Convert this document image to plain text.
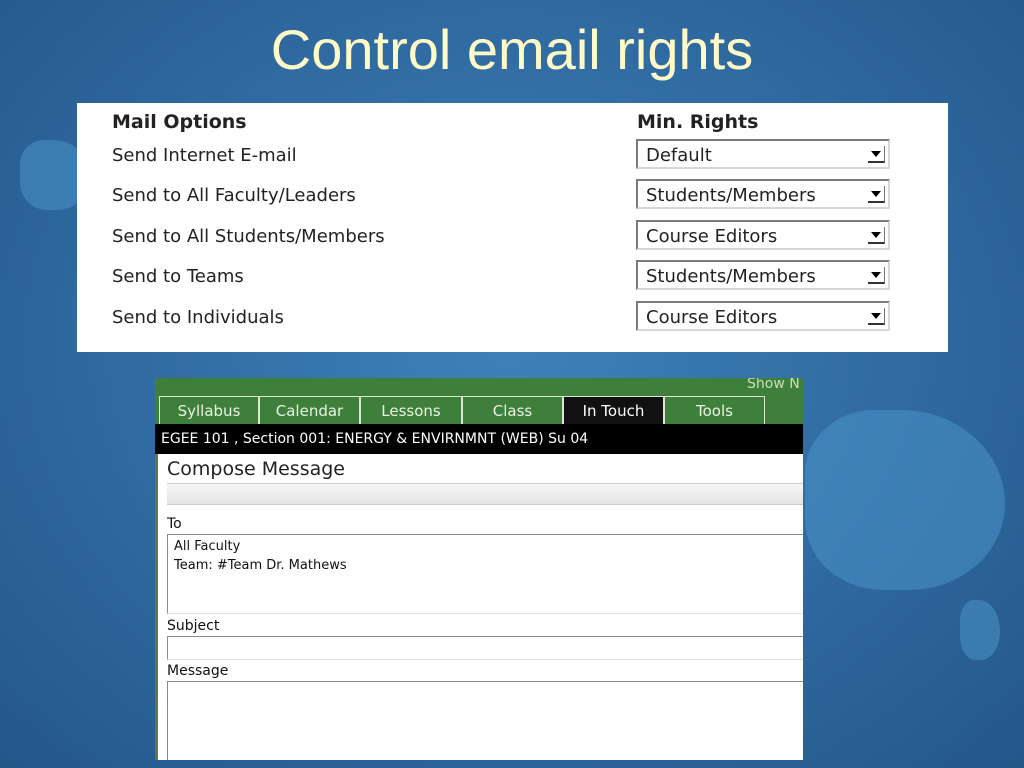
Control email rights
Mail Options	Min. Rights
Send Internet E-mail	Default
Send to All Faculty/Leaders	Students/Members
Send to All Students/Members	Course Editors
Send to Teams	Students/Members
Send to Individuals	Course Editors
Show N
Syllabus	Calendar	Lessons	Class	In Touch	Tools
EGEE 101 , Section 001: ENERGY & ENVIRNMNT (WEB) Su 04
Compose Message
To
All Faculty
Team: #Team Dr. Mathews
Subject
Message
